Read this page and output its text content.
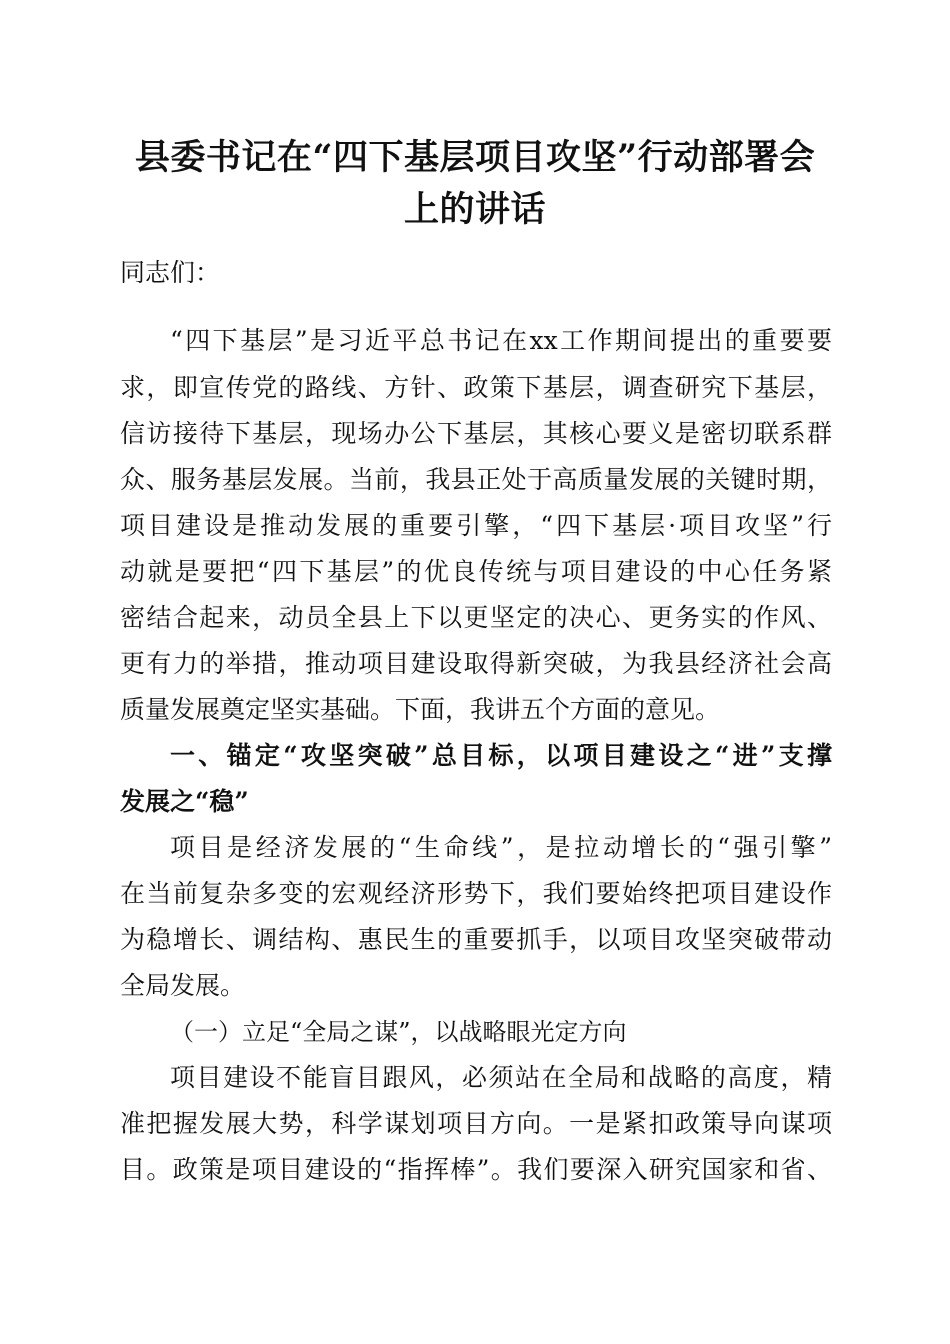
县委书记在“四下基层项目攻坚”行动部署会
上的讲话
同志们：
“四下基层”是习近平总书记在xx工作期间提出的重要要
求，即宣传党的路线、方针、政策下基层，调查研究下基层，
信访接待下基层，现场办公下基层，其核心要义是密切联系群
众、服务基层发展。当前，我县正处于高质量发展的关键时期，
项目建设是推动发展的重要引擎，“四下基层·项目攻坚”行
动就是要把“四下基层”的优良传统与项目建设的中心任务紧
密结合起来，动员全县上下以更坚定的决心、更务实的作风、
更有力的举措，推动项目建设取得新突破，为我县经济社会高
质量发展奠定坚实基础。下面，我讲五个方面的意见。
一、锚定“攻坚突破”总目标，以项目建设之“进”支撑
发展之“稳”
项目是经济发展的“生命线”，是拉动增长的“强引擎”
在当前复杂多变的宏观经济形势下，我们要始终把项目建设作
为稳增长、调结构、惠民生的重要抓手，以项目攻坚突破带动
全局发展。
（一）立足“全局之谋”，以战略眼光定方向
项目建设不能盲目跟风，必须站在全局和战略的高度，精
准把握发展大势，科学谋划项目方向。一是紧扣政策导向谋项
目。政策是项目建设的“指挥棒”。我们要深入研究国家和省、
